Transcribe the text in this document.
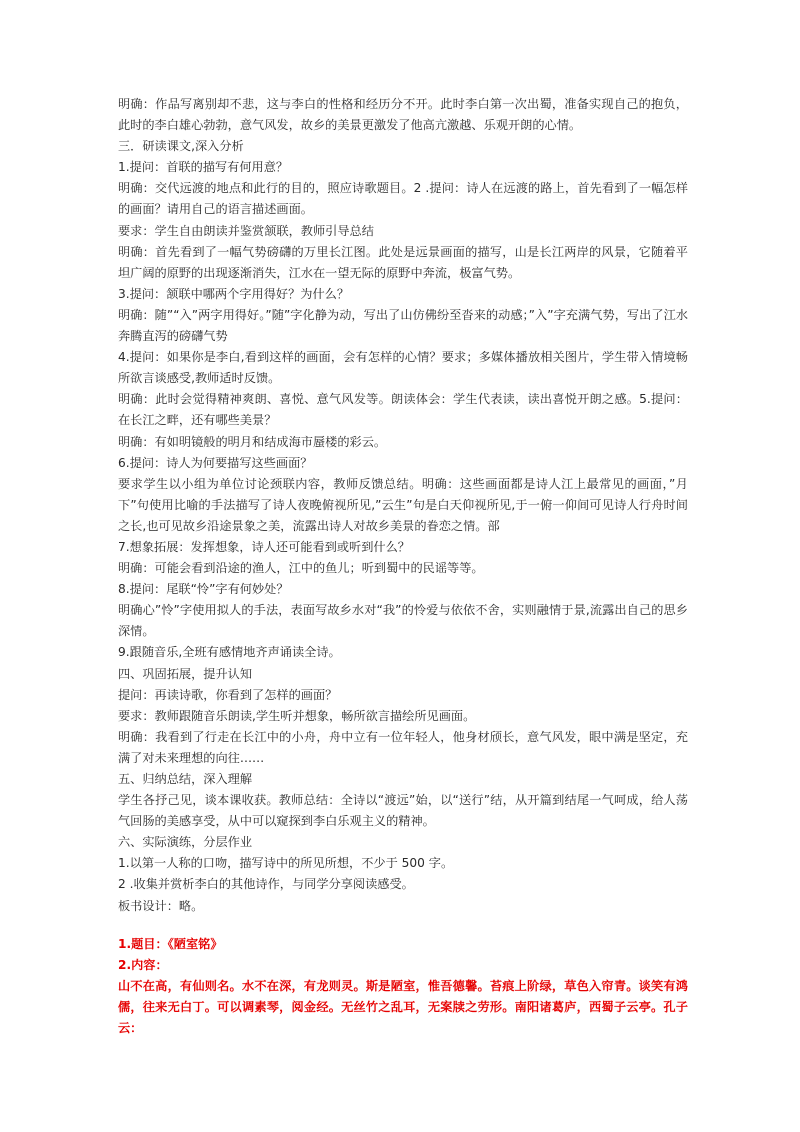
明确：作品写离别却不悲，这与李白的性格和经历分不开。此时李白第一次出蜀，准备实现自己的抱负，此时的李白雄心勃勃，意气风发，故乡的美景更激发了他高亢激越、乐观开朗的心情。

三．研读课文,深入分析

1.提问：首联的描写有何用意？

明确：交代远渡的地点和此行的目的，照应诗歌题目。2 .提问：诗人在远渡的路上，首先看到了一幅怎样的画面？请用自己的语言描述画面。

要求：学生自由朗读并鉴赏颔联，教师引导总结

明确：首先看到了一幅气势磅礴的万里长江图。此处是远景画面的描写，山是长江两岸的风景，它随着平坦广阔的原野的出现逐渐消失，江水在一望无际的原野中奔流，极富气势。

3.提问：颔联中哪两个字用得好？为什么？

明确：随”“入”两字用得好。”随”字化静为动，写出了山仿佛纷至沓来的动感；”入”字充满气势，写出了江水奔腾直泻的磅礴气势

4.提问：如果你是李白,看到这样的画面，会有怎样的心情？要求；多媒体播放相关图片，学生带入情境畅所欲言谈感受,教师适时反馈。

明确：此时会觉得精神爽朗、喜悦、意气风发等。朗读体会：学生代表读，读出喜悦开朗之感。5.提问：在长江之畔，还有哪些美景？

明确：有如明镜般的明月和结成海市蜃楼的彩云。

6.提问：诗人为何要描写这些画面？

要求学生以小组为单位讨论颈联内容，教师反馈总结。明确：这些画面都是诗人江上最常见的画面，”月下”句使用比喻的手法描写了诗人夜晚俯视所见,”云生”句是白天仰视所见,于一俯一仰间可见诗人行舟时间之长,也可见故乡沿途景象之美，流露出诗人对故乡美景的眷恋之情。部

7.想象拓展：发挥想象，诗人还可能看到或听到什么？

明确：可能会看到沿途的渔人，江中的鱼儿；听到蜀中的民谣等等。

8.提问：尾联“怜”字有何妙处？

明确心”怜”字使用拟人的手法，表面写故乡水对“我”的怜爱与依依不舍，实则融情于景,流露出自己的思乡深情。

9.跟随音乐,全班有感情地齐声诵读全诗。

四、巩固拓展，提升认知

提问：再读诗歌，你看到了怎样的画面？

要求：教师跟随音乐朗读,学生听并想象，畅所欲言描绘所见画面。

明确：我看到了行走在长江中的小舟，舟中立有一位年轻人，他身材颀长，意气风发，眼中满是坚定，充满了对未来理想的向往……

五、归纳总结，深入理解

学生各抒己见，谈本课收获。教师总结：全诗以“渡远”始，以“送行”结，从开篇到结尾一气呵成，给人荡气回肠的美感享受，从中可以窥探到李白乐观主义的精神。

六、实际演练，分层作业

1.以第一人称的口吻，描写诗中的所见所想，不少于 500 字。

2 .收集并赏析李白的其他诗作，与同学分享阅读感受。

板书设计：略。

1.题目：《陋室铭》

2.内容：

山不在高，有仙则名。水不在深，有龙则灵。斯是陋室，惟吾德馨。苔痕上阶绿，草色入帘青。谈笑有鸿儒，往来无白丁。可以调素琴，阅金经。无丝竹之乱耳，无案牍之劳形。南阳诸葛庐，西蜀子云亭。孔子云：
